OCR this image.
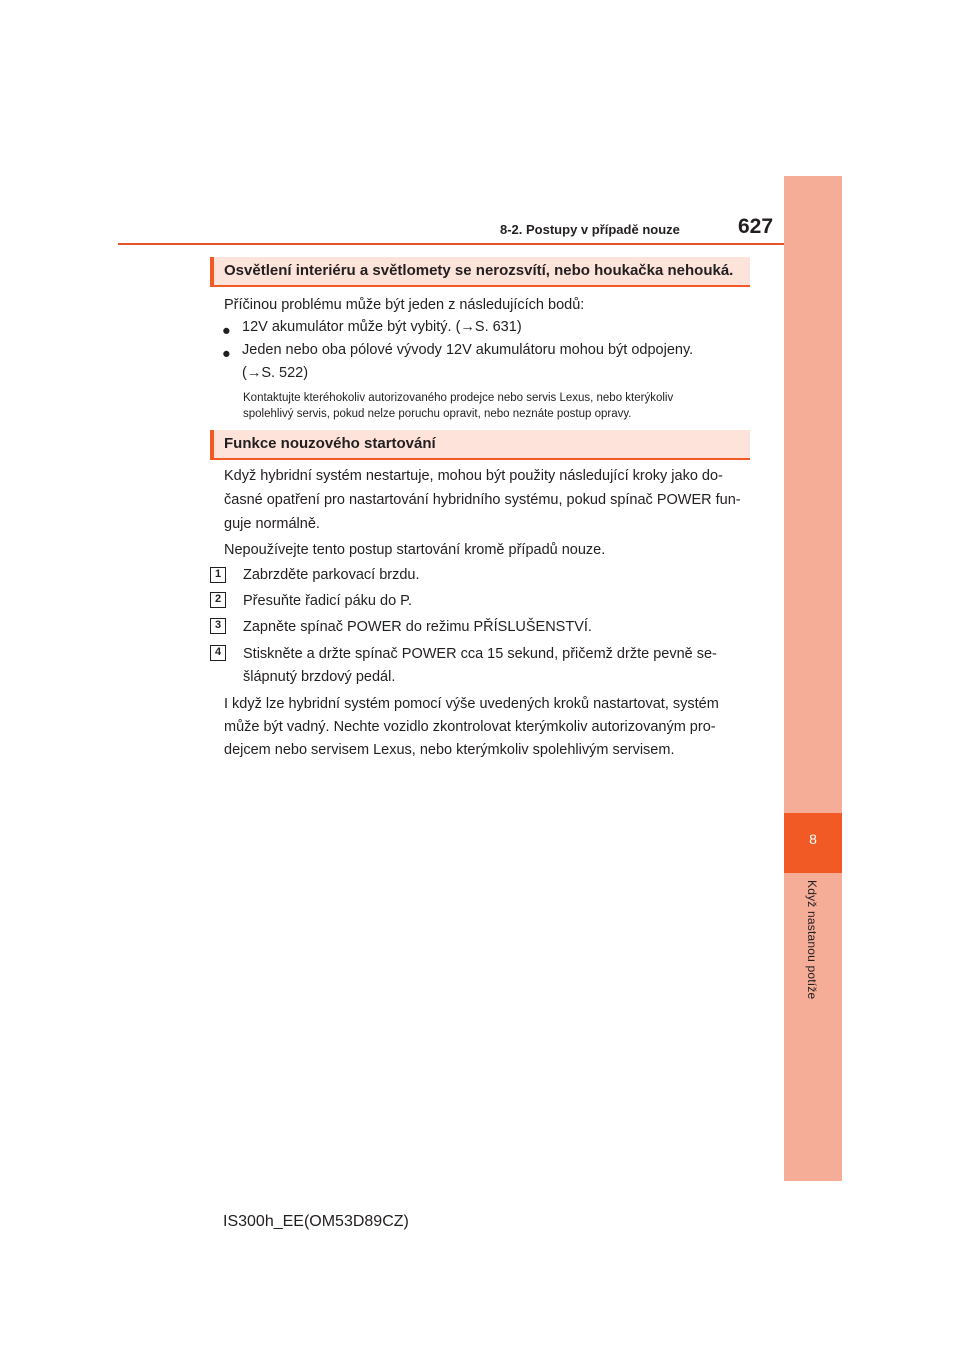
8
Když nastanou potíže
8-2. Postupy v případě nouze	627
Osvětlení interiéru a světlomety se nerozsvítí, nebo houkačka nehouká.
Příčinou problému může být jeden z následujících bodů:
● 12V akumulátor může být vybitý. (→S. 631)
● Jeden nebo oba pólové vývody 12V akumulátoru mohou být odpojeny.
(→S. 522)
Kontaktujte kteréhokoliv autorizovaného prodejce nebo servis Lexus, nebo kterýkoliv
spolehlivý servis, pokud nelze poruchu opravit, nebo neznáte postup opravy.
Funkce nouzového startování
Když hybridní systém nestartuje, mohou být použity následující kroky jako do-
časné opatření pro nastartování hybridního systému, pokud spínač POWER fun-
guje normálně.
Nepoužívejte tento postup startování kromě případů nouze.
1	Zabrzděte parkovací brzdu.
2	Přesuňte řadicí páku do P.
3	Zapněte spínač POWER do režimu PŘÍSLUŠENSTVÍ.
4	Stiskněte a držte spínač POWER cca 15 sekund, přičemž držte pevně se-
šlápnutý brzdový pedál.
I když lze hybridní systém pomocí výše uvedených kroků nastartovat, systém
může být vadný. Nechte vozidlo zkontrolovat kterýmkoliv autorizovaným pro-
dejcem nebo servisem Lexus, nebo kterýmkoliv spolehlivým servisem.
IS300h_EE(OM53D89CZ)
